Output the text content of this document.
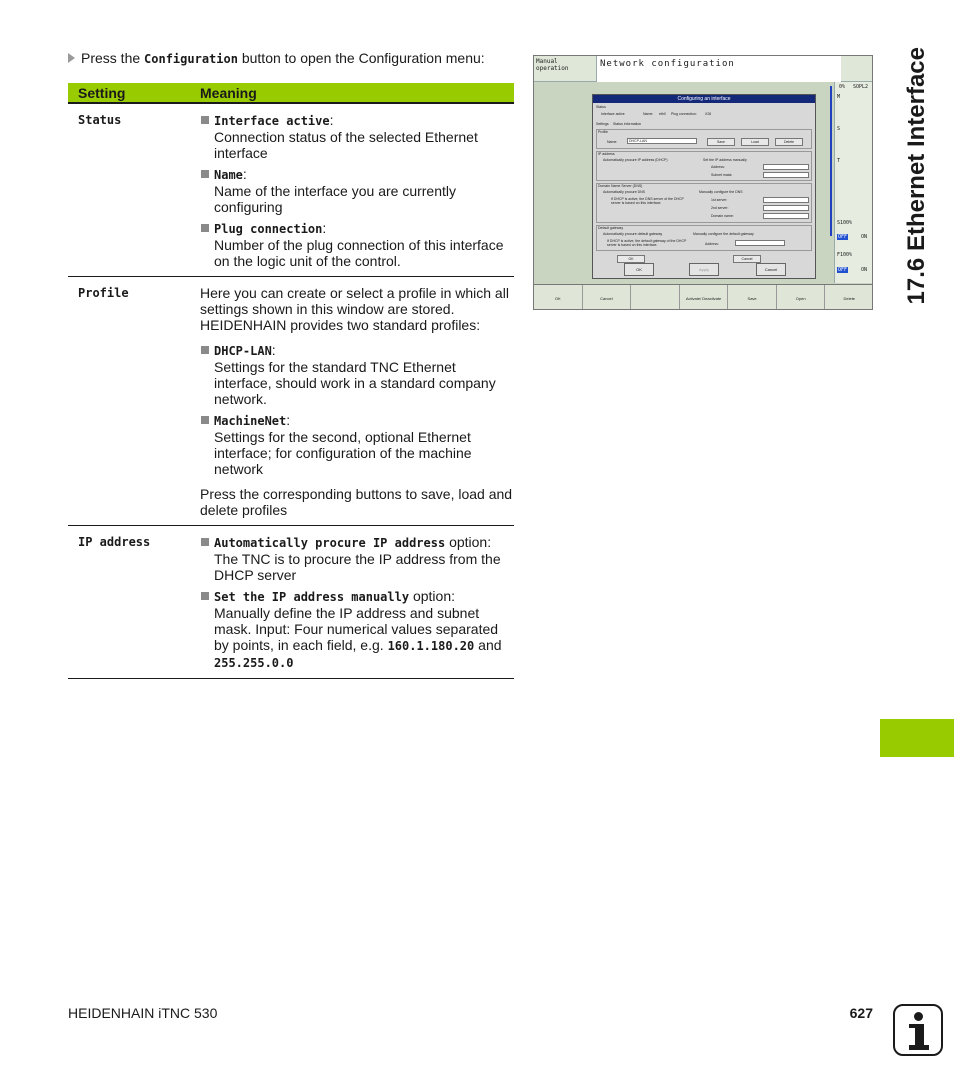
Press the Configuration button to open the Configuration menu:
Setting	Meaning
Status	Interface active:
Connection status of the selected Ethernet interface
Name:
Name of the interface you are currently configuring
Plug connection:
Number of the plug connection of this interface on the logic unit of the control.
Profile	Here you can create or select a profile in which all settings shown in this window are stored. HEIDENHAIN provides two standard profiles:
DHCP-LAN:
Settings for the standard TNC Ethernet interface, should work in a standard company network.
MachineNet:
Settings for the second, optional Ethernet interface; for configuration of the machine network
Press the corresponding buttons to save, load and delete profiles
IP address	Automatically procure IP address option:
The TNC is to procure the IP address from the DHCP server
Set the IP address manually option:
Manually define the IP address and subnet mask. Input: Four numerical values separated by points, in each field, e.g. 160.1.180.20 and
255.255.0.0
Manual
operation	Network configuration
0% SOPL2
M
S
T
S100%
OFF	ON
F100%
OFF	ON
Configuring an interface
Status
Interface active	Name: eth0 Plug connection: X26
Settings Status information
Profile
Name:	DHCP-LAN	Save	Load	Delete
IP address
Automatically procure IP address (DHCP)	Set the IP address manually
Address:
Subnet mask:
Domain Name Server (DNS)
Automatically procure DNS	Manually configure the DNS
If DHCP is active, the DNS server of the DHCP server is based on this interface.
1st server:
2nd server:
Domain name:
Default gateway
Automatically procure default gateway	Manually configure the default gateway
If DHCP is active, the default gateway of the DHCP server is based on this interface.	Address:
OK	Cancel
OK	Apply	Cancel
OK	Cancel	Activate/ Deactivate	Save	Open	Delete	17.6 Ethernet Interface
HEIDENHAIN iTNC 530	627
